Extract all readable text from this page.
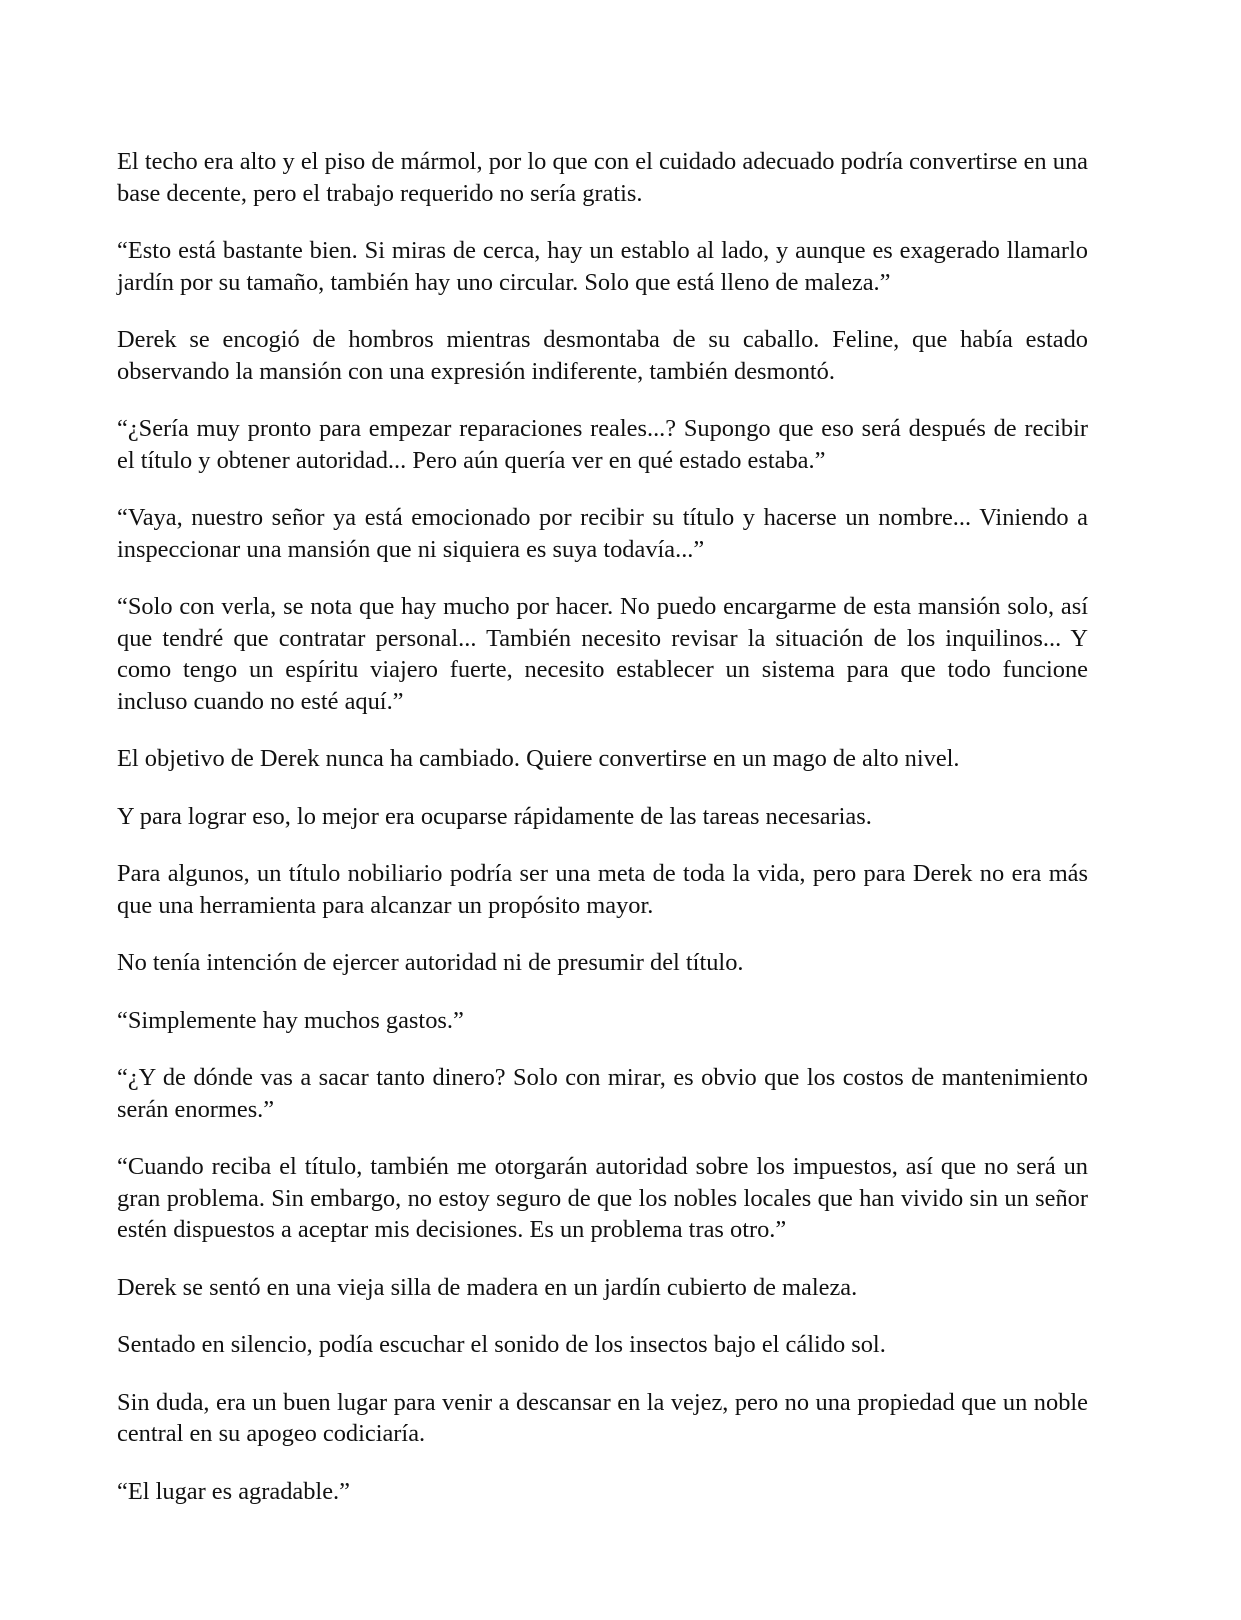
El techo era alto y el piso de mármol, por lo que con el cuidado adecuado podría convertirse en una base decente, pero el trabajo requerido no sería gratis.

“Esto está bastante bien. Si miras de cerca, hay un establo al lado, y aunque es exagerado llamarlo jardín por su tamaño, también hay uno circular. Solo que está lleno de maleza.”

Derek se encogió de hombros mientras desmontaba de su caballo. Feline, que había estado observando la mansión con una expresión indiferente, también desmontó.

“¿Sería muy pronto para empezar reparaciones reales...? Supongo que eso será después de recibir el título y obtener autoridad... Pero aún quería ver en qué estado estaba.”

“Vaya, nuestro señor ya está emocionado por recibir su título y hacerse un nombre... Viniendo a inspeccionar una mansión que ni siquiera es suya todavía...”

“Solo con verla, se nota que hay mucho por hacer. No puedo encargarme de esta mansión solo, así que tendré que contratar personal... También necesito revisar la situación de los inquilinos... Y como tengo un espíritu viajero fuerte, necesito establecer un sistema para que todo funcione incluso cuando no esté aquí.”

El objetivo de Derek nunca ha cambiado. Quiere convertirse en un mago de alto nivel.

Y para lograr eso, lo mejor era ocuparse rápidamente de las tareas necesarias.

Para algunos, un título nobiliario podría ser una meta de toda la vida, pero para Derek no era más que una herramienta para alcanzar un propósito mayor.

No tenía intención de ejercer autoridad ni de presumir del título.

“Simplemente hay muchos gastos.”

“¿Y de dónde vas a sacar tanto dinero? Solo con mirar, es obvio que los costos de mantenimiento serán enormes.”

“Cuando reciba el título, también me otorgarán autoridad sobre los impuestos, así que no será un gran problema. Sin embargo, no estoy seguro de que los nobles locales que han vivido sin un señor estén dispuestos a aceptar mis decisiones. Es un problema tras otro.”

Derek se sentó en una vieja silla de madera en un jardín cubierto de maleza.

Sentado en silencio, podía escuchar el sonido de los insectos bajo el cálido sol.

Sin duda, era un buen lugar para venir a descansar en la vejez, pero no una propiedad que un noble central en su apogeo codiciaría.

“El lugar es agradable.”
